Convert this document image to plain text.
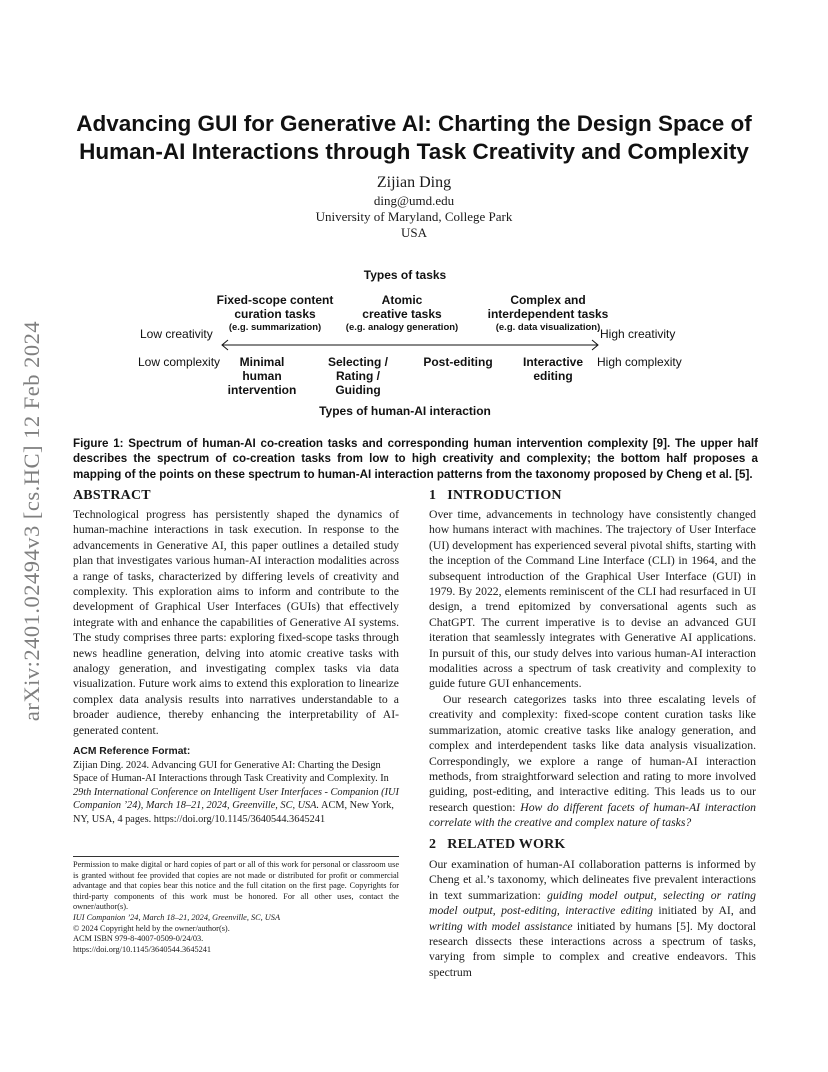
arXiv:2401.02494v3 [cs.HC] 12 Feb 2024
Advancing GUI for Generative AI: Charting the Design Space of
Human-AI Interactions through Task Creativity and Complexity
Zijian Ding
ding@umd.edu
University of Maryland, College Park
USA
Types of tasks
Fixed-scope content
curation tasks
(e.g. summarization)
Atomic
creative tasks
(e.g. analogy generation)
Complex and
interdependent tasks
(e.g. data visualization)
Low creativity	High creativity
Low complexity	High complexity
Minimal
human
intervention
Selecting /
Rating /
Guiding
Post-editing	Interactive
editing
Types of human-AI interaction
Figure 1: Spectrum of human-AI co-creation tasks and corresponding human intervention complexity [9]. The upper half describes the spectrum of co-creation tasks from low to high creativity and complexity; the bottom half proposes a mapping of the points on these spectrum to human-AI interaction patterns from the taxonomy proposed by Cheng et al. [5].
ABSTRACT

Technological progress has persistently shaped the dynamics of human-machine interactions in task execution. In response to the advancements in Generative AI, this paper outlines a detailed study plan that investigates various human-AI interaction modalities across a range of tasks, characterized by differing levels of creativity and complexity. This exploration aims to inform and contribute to the development of Graphical User Interfaces (GUIs) that effectively integrate with and enhance the capabilities of Generative AI systems. The study comprises three parts: exploring fixed-scope tasks through news headline generation, delving into atomic creative tasks with analogy generation, and investigating complex tasks via data visualization. Future work aims to extend this exploration to linearize complex data analysis results into narratives understandable to a broader audience, thereby enhancing the interpretability of AI-generated content.

ACM Reference Format:
Zijian Ding. 2024. Advancing GUI for Generative AI: Charting the Design Space of Human-AI Interactions through Task Creativity and Complexity. In 29th International Conference on Intelligent User Interfaces - Companion (IUI Companion ’24), March 18–21, 2024, Greenville, SC, USA. ACM, New York, NY, USA, 4 pages. https://doi.org/10.1145/3640544.3645241

Permission to make digital or hard copies of part or all of this work for personal or classroom use is granted without fee provided that copies are not made or distributed for profit or commercial advantage and that copies bear this notice and the full citation on the first page. Copyrights for third-party components of this work must be honored. For all other uses, contact the owner/author(s).

IUI Companion ’24, March 18–21, 2024, Greenville, SC, USA

© 2024 Copyright held by the owner/author(s).

ACM ISBN 979-8-4007-0509-0/24/03.

https://doi.org/10.1145/3640544.3645241

1   INTRODUCTION

Over time, advancements in technology have consistently changed how humans interact with machines. The trajectory of User Interface (UI) development has experienced several pivotal shifts, starting with the inception of the Command Line Interface (CLI) in 1964, and the subsequent introduction of the Graphical User Interface (GUI) in 1979. By 2022, elements reminiscent of the CLI had resurfaced in UI design, a trend epitomized by conversational agents such as ChatGPT. The current imperative is to devise an advanced GUI iteration that seamlessly integrates with Generative AI applications. In pursuit of this, our study delves into various human-AI interaction modalities across a spectrum of task creativity and complexity to guide future GUI enhancements.

Our research categorizes tasks into three escalating levels of creativity and complexity: fixed-scope content curation tasks like summarization, atomic creative tasks like analogy generation, and complex and interdependent tasks like data analysis visualization. Correspondingly, we explore a range of human-AI interaction methods, from straightforward selection and rating to more involved guiding, post-editing, and interactive editing. This leads us to our research question: How do different facets of human-AI interaction correlate with the creative and complex nature of tasks?

2   RELATED WORK

Our examination of human-AI collaboration patterns is informed by Cheng et al.’s taxonomy, which delineates five prevalent interactions in text summarization: guiding model output, selecting or rating model output, post-editing, interactive editing initiated by AI, and writing with model assistance initiated by humans [5]. My doctoral research dissects these interactions across a spectrum of tasks, varying from simple to complex and creative endeavors. This spectrum
